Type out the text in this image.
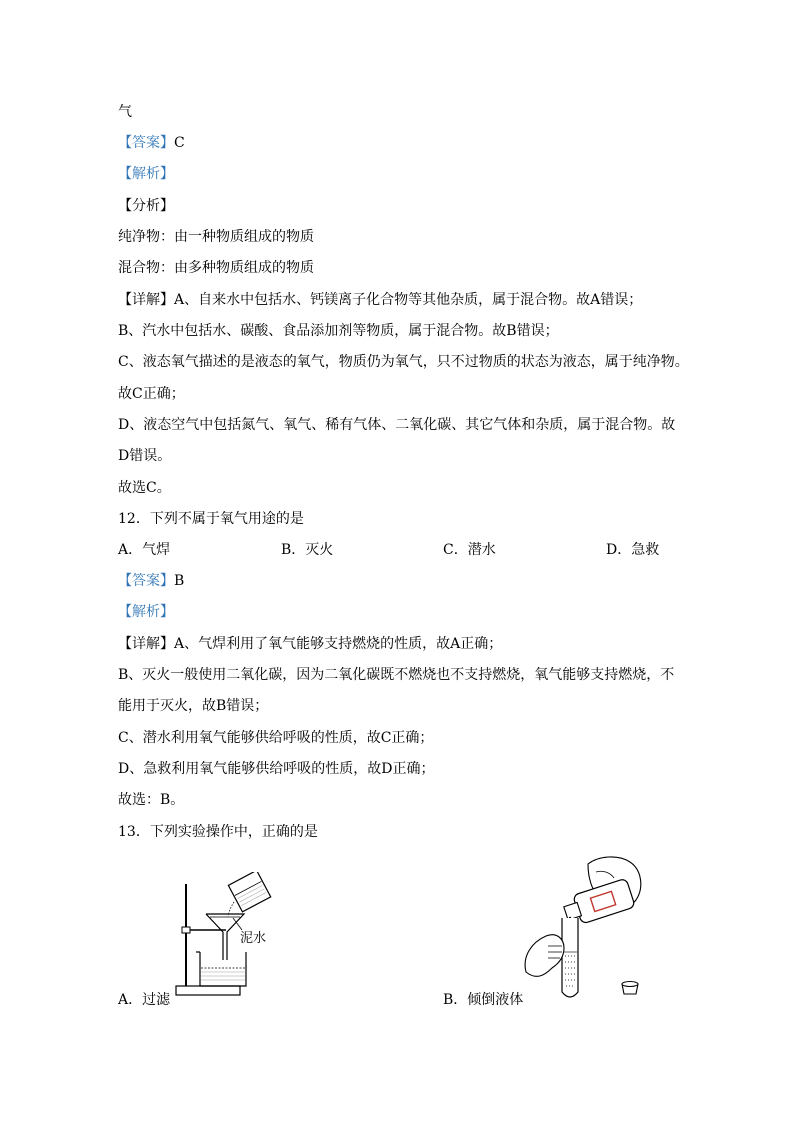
气
【答案】C
【解析】
【分析】
纯净物：由一种物质组成的物质
混合物：由多种物质组成的物质
【详解】A、自来水中包括水、钙镁离子化合物等其他杂质，属于混合物。故A错误；
B、汽水中包括水、碳酸、食品添加剂等物质，属于混合物。故B错误；
C、液态氧气描述的是液态的氧气，物质仍为氧气，只不过物质的状态为液态，属于纯净物。
故C正确；
D、液态空气中包括氮气、氧气、稀有气体、二氧化碳、其它气体和杂质，属于混合物。故
D错误。
故选C。
12．下列不属于氧气用途的是
A．气焊	B．灭火	C．潜水	D．急救
【答案】B
【解析】
【详解】A、气焊利用了氧气能够支持燃烧的性质，故A正确；
B、灭火一般使用二氧化碳，因为二氧化碳既不燃烧也不支持燃烧，氧气能够支持燃烧，不
能用于灭火，故B错误；
C、潜水利用氧气能够供给呼吸的性质，故C正确；
D、急救利用氧气能够供给呼吸的性质，故D正确；
故选：B。
13．下列实验操作中，正确的是
泥水
A．过滤	B．倾倒液体
